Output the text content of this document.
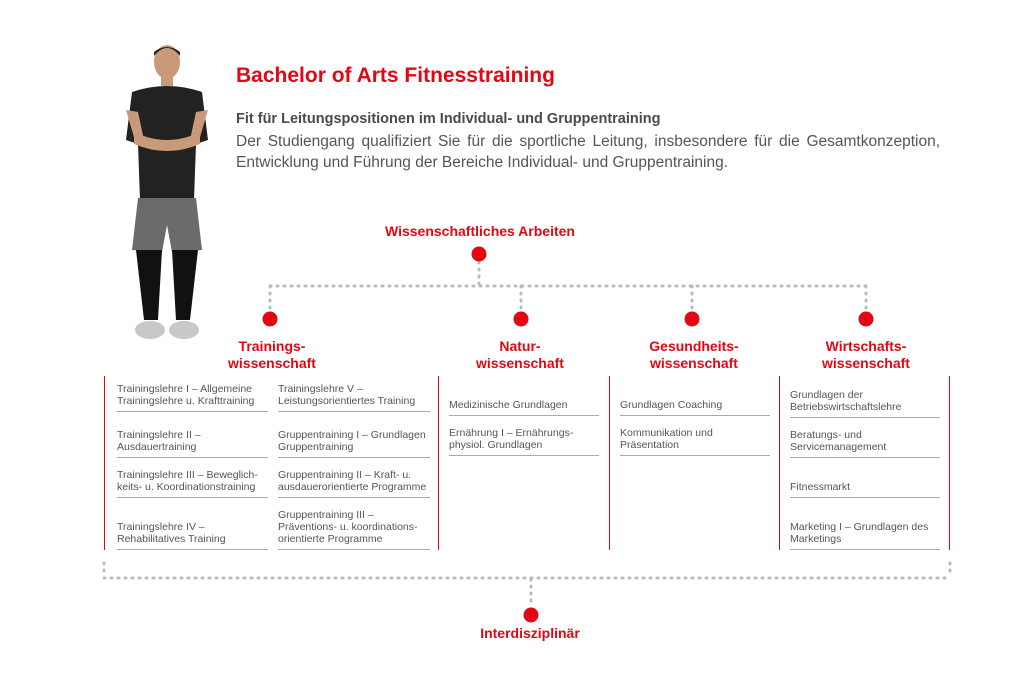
Bachelor of Arts Fitnesstraining
Fit für Leitungspositionen im Individual- und Gruppentraining
Der Studiengang qualifiziert Sie für die sportliche Leitung, insbesondere für die Gesamtkonzeption, Entwicklung und Führung der Bereiche Individual- und Gruppentraining.
Wissenschaftliches Arbeiten
Interdisziplinär
Trainings-
wissenschaft
Natur-
wissenschaft
Gesundheits-
wissenschaft
Wirtschafts-
wissenschaft
Trainingslehre I – Allgemeine Trainingslehre u. Krafttraining
Trainingslehre II – Ausdauertraining
Trainingslehre III – Beweglich-keits- u. Koordinationstraining
Trainingslehre IV – Rehabilitatives Training
Trainingslehre V – Leistungsorientiertes Training
Gruppentraining I – Grundlagen Gruppentraining
Gruppentraining II – Kraft- u. ausdauerorientierte Programme
Gruppentraining III – Präventions- u. koordinations-orientierte Programme
Medizinische Grundlagen
Ernährung I – Ernährungs-physiol. Grundlagen
Grundlagen Coaching
Kommunikation und Präsentation
Grundlagen der Betriebswirtschaftslehre
Beratungs- und Servicemanagement
Fitnessmarkt
Marketing I – Grundlagen des Marketings
